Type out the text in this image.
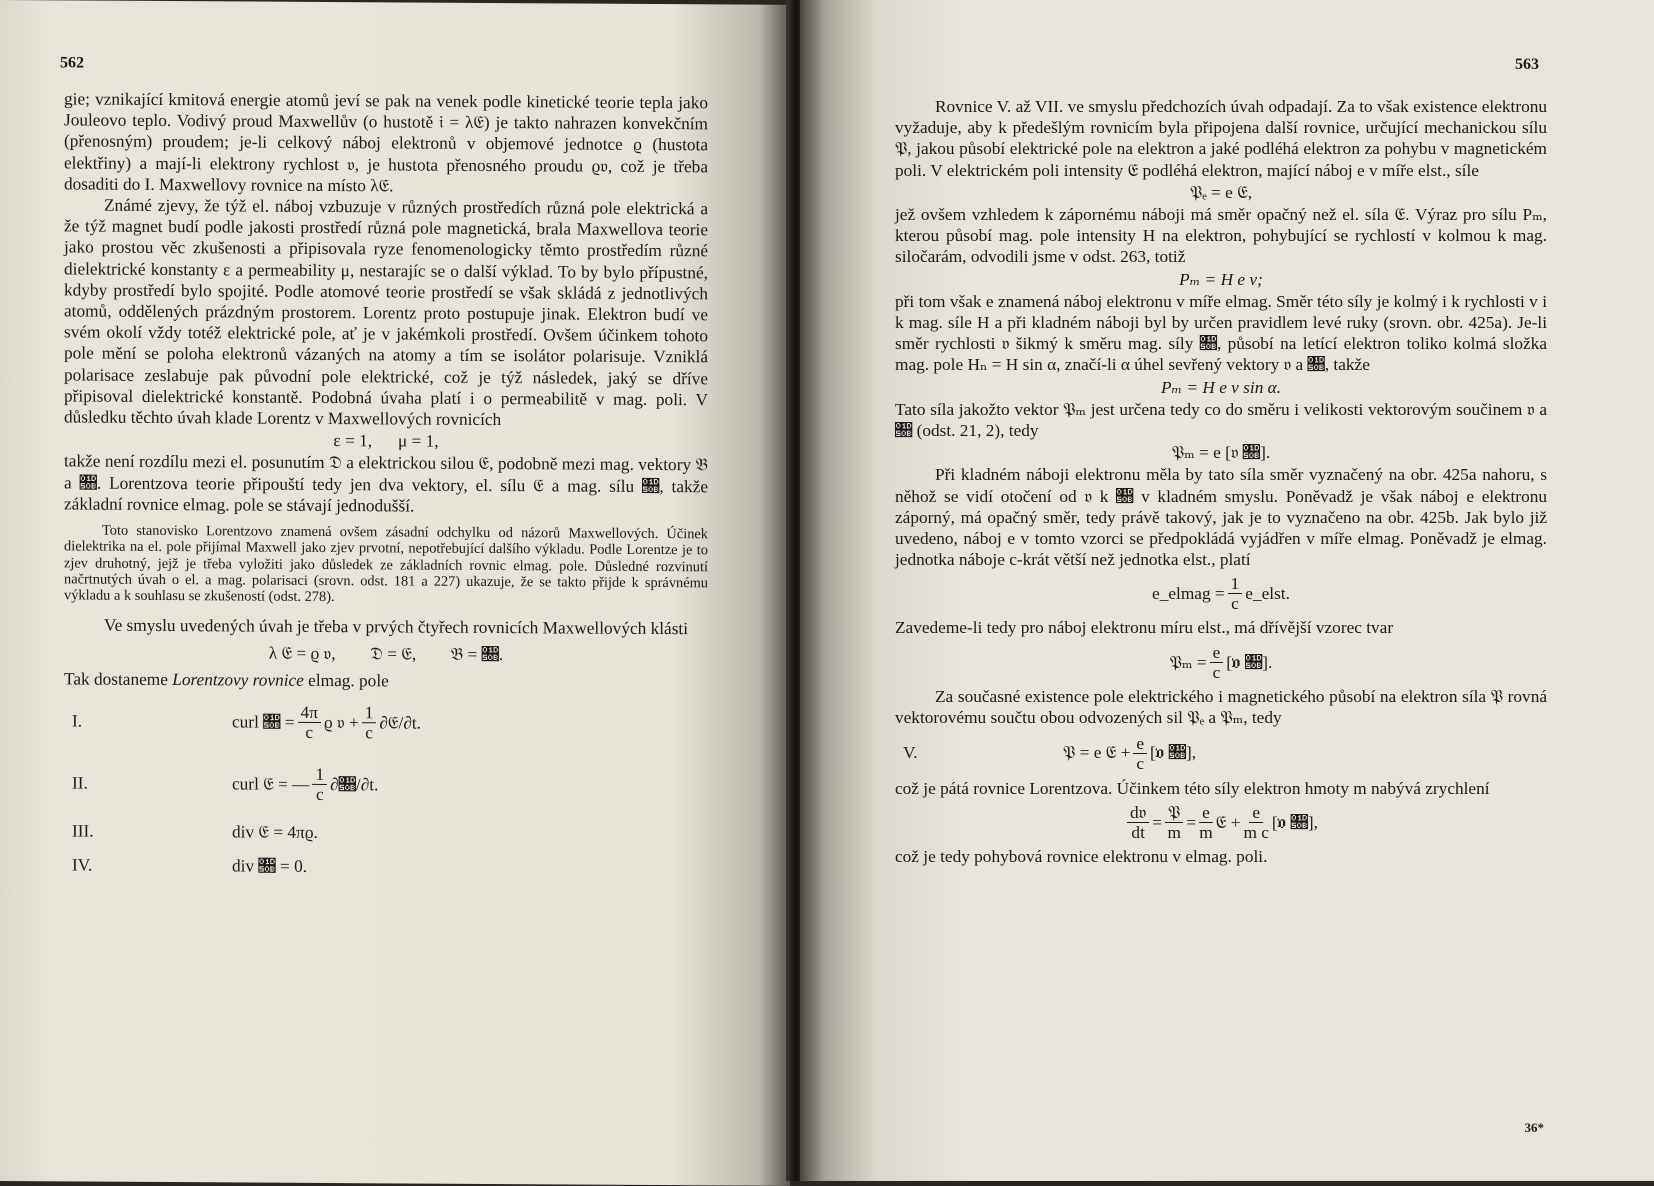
562

gie; vznikající kmitová energie atomů jeví se pak na venek podle kinetické teorie tepla jako Jouleovo teplo. Vodivý proud Maxwellův (o hustotě 𝔦 = λ𝔈) je takto nahrazen konvekčním (přenosným) proudem; je-li celkový náboj elektronů v objemové jednotce ϱ (hustota elektřiny) a mají-li elektrony rychlost 𝔳, je hustota přenosného proudu ϱ𝔳, což je třeba dosaditi do I. Maxwellovy rovnice na místo λ𝔈.

Známé zjevy, že týž el. náboj vzbuzuje v různých prostředích různá pole elektrická a že týž magnet budí podle jakosti prostředí různá pole magnetická, brala Maxwellova teorie jako prostou věc zkušenosti a připisovala ryze fenomenologicky těmto prostředím různé dielektrické konstanty ε a permeability μ, nestarajíc se o další výklad. To by bylo přípustné, kdyby prostředí bylo spojité. Podle atomové teorie prostředí se však skládá z jednotlivých atomů, oddělených prázdným prostorem. Lorentz proto postupuje jinak. Elektron budí ve svém okolí vždy totéž elektrické pole, ať je v jakémkoli prostředí. Ovšem účinkem tohoto pole mění se poloha elektronů vázaných na atomy a tím se isolátor polarisuje. Vzniklá polarisace zeslabuje pak původní pole elektrické, což je týž následek, jaký se dříve připisoval dielektrické konstantě. Podobná úvaha platí i o permeabilitě v mag. poli. V důsledku těchto úvah klade Lorentz v Maxwellových rovnicích

ε = 1,      μ = 1,

takže není rozdílu mezi el. posunutím 𝔇 a elektrickou silou 𝔈, podobně mezi mag. vektory 𝔅 a 𝔋. Lorentzova teorie připouští tedy jen dva vektory, el. sílu 𝔈 a mag. sílu 𝔋, takže základní rovnice elmag. pole se stávají jednodušší.

Toto stanovisko Lorentzovo znamená ovšem zásadní odchylku od názorů Maxwellových. Účinek dielektrika na el. pole přijímal Maxwell jako zjev prvotní, nepotřebující dalšího výkladu. Podle Lorentze je to zjev druhotný, jejž je třeba vyložiti jako důsledek ze základních rovnic elmag. pole. Důsledné rozvinutí načrtnutých úvah o el. a mag. polarisaci (srovn. odst. 181 a 227) ukazuje, že se takto přijde k správnému výkladu a k souhlasu se zkušeností (odst. 278).

Ve smyslu uvedených úvah je třeba v prvých čtyřech rovnicích Maxwellových klásti

λ 𝔈 = ϱ 𝔳,        𝔇 = 𝔈,        𝔅 = 𝔋.

Tak dostaneme Lorentzovy rovnice elmag. pole

I.	curl 𝔋 = $\frac{4\pi}{c}$ ϱ 𝔳 + $\frac{1}{c}$ ∂𝔈/∂t.
II.	curl 𝔈 = — $\frac{1}{c}$ ∂𝔋/∂t.
III.	div 𝔈 = 4πϱ.
IV.	div 𝔋 = 0.
563

Rovnice V. až VII. ve smyslu předchozích úvah odpadají. Za to však existence elektronu vyžaduje, aby k předešlým rovnicím byla připojena další rovnice, určující mechanickou sílu 𝔓, jakou působí elektrické pole na elektron a jaké podléhá elektron za pohybu v magnetickém poli. V elektrickém poli intensity 𝔈 podléhá elektron, mající náboj e v míře elst., síle

𝔓ₑ = e 𝔈,

jež ovšem vzhledem k zápornému náboji má směr opačný než el. síla 𝔈. Výraz pro sílu Pₘ, kterou působí mag. pole intensity H na elektron, pohybující se rychlostí v kolmou k mag. siločarám, odvodili jsme v odst. 263, totiž

Pₘ = H e v;

při tom však e znamená náboj elektronu v míře elmag. Směr této síly je kolmý i k rychlosti v i k mag. síle H a při kladném náboji byl by určen pravidlem levé ruky (srovn. obr. 425a). Je-li směr rychlosti 𝔳 šikmý k směru mag. síly 𝔋, působí na letící elektron toliko kolmá složka mag. pole Hₙ = H sin α, značí-li α úhel sevřený vektory 𝔳 a 𝔋, takže

Pₘ = H e v sin α.

Tato síla jakožto vektor 𝔓ₘ jest určena tedy co do směru i velikosti vektorovým součinem 𝔳 a 𝔋 (odst. 21, 2), tedy

𝔓ₘ = e [𝔳 𝔋].

Při kladném náboji elektronu měla by tato síla směr vyznačený na obr. 425a nahoru, s něhož se vidí otočení od 𝔳 k 𝔋 v kladném smyslu. Poněvadž je však náboj e elektronu záporný, má opačný směr, tedy právě takový, jak je to vyznačeno na obr. 425b. Jak bylo již uvedeno, náboj e v tomto vzorci se předpokládá vyjádřen v míře elmag. Poněvadž je elmag. jednotka náboje c-krát větší než jednotka elst., platí

e_elmag = $\frac{1}{c}$ e_elst.

Zavedeme-li tedy pro náboj elektronu míru elst., má dřívější vzorec tvar

𝔓ₘ = $\frac{e}{c}$ [𝔳 𝔋].

Za současné existence pole elektrického i magnetického působí na elektron síla 𝔓 rovná vektorovému součtu obou odvozených sil 𝔓ₑ a 𝔓ₘ, tedy

V.	𝔓 = e 𝔈 + $\frac{e}{c}$ [𝔳 𝔋],

což je pátá rovnice Lorentzova. Účinkem této síly elektron hmoty m nabývá zrychlení

$\frac{\text{d𝔳}}{dt} = \frac{\text{𝔓}}{m} = \frac{e}{m}$ 𝔈 + $\frac{e}{\text{m c}}$ [𝔳 𝔋],

což je tedy pohybová rovnice elektronu v elmag. poli.

36*
